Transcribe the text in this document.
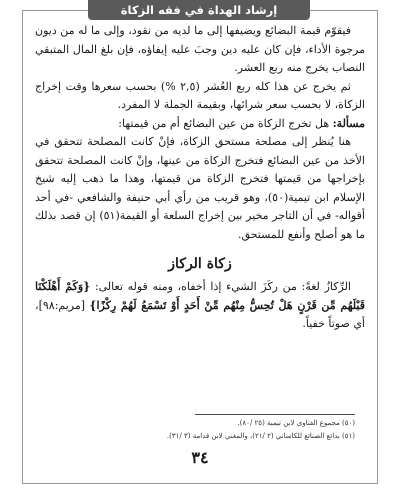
إرشاد الهداة في فقه الزكاة

فيقوّم قيمة البضائع ويضيفها إلى ما لديه من نقود، وإلى ما له من ديون مرجوة الأداء، فإن كان عليه دين وجبَ عليه إيفاؤه، فإن بلغ المال المتبقي النصاب يخرج منه ربع العشر.

ثم يخرج عن هذا كله ربع العُشر (٢,٥ %) بحسب سعرها وقت إخراج الزكاة، لا بحسب سعر شرائها، وبقيمة الجملة لا المفرد.

مسألة: هل تخرج الزكاة من عين البضائع أم من قيمتها:

هنا يُنظر إلى مصلحة مستحق الزكاة، فإنْ كانت المصلحة تتحقق في الأخذ من عين البضائع فتخرج الزكاة من عينها، وإنْ كانت المصلحة تتحقق بإخراجها من قيمتها فتخرج الزكاة من قيمتها، وهذا ما ذهب إليه شيخ الإسلام ابن تيمية(٥٠)، وهو قريب من رأي أبي حنيفة والشافعي -في أحد أقواله- في أن التاجر مخير بين إخراج السلعة أو القيمة(٥١) إن قصد بذلك ما هو أصلح وأنفع للمستحق.

زكاة الركاز

الرِّكازُ لغةً: من ركَزَ الشيء إذا أخفاه، ومنه قوله تعالى: {وَكَمْ أَهْلَكْنَا قَبْلَهُم مِّن قَرْنٍ هَلْ تُحِسُّ مِنْهُم مِّنْ أَحَدٍ أَوْ تَسْمَعُ لَهُمْ رِكْزًا} [مريم:٩٨]، أي صوتاً خفياً.

(٥٠) مجموع الفتاوى لابن تيمية (٢٥ /٨٠).
(٥١) بدائع الصنائع للكاساني (٢ /٢١)، والمغني لابن قدامة (٣ /٣١).
٣٤
